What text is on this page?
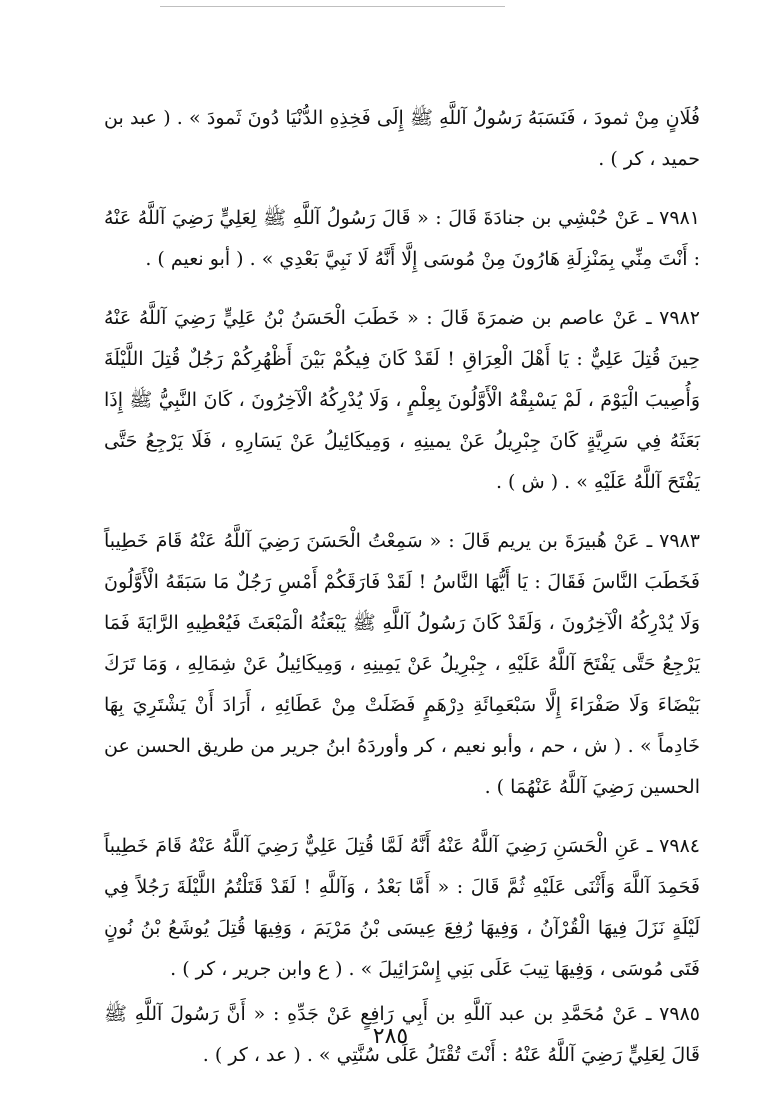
فُلَانٍ مِنْ ثمودَ ، فَنَسَبَهُ رَسُولُ آللَّهِ ﷺ إِلَى فَخِذِهِ الدُّنْيَا دُونَ ثَمودَ » . ( عبد بن حميد ، كر ) .

٧٩٨١ ـ عَنْ حُبْشِي بن جنادَةَ قَالَ : « قَالَ رَسُولُ آللَّهِ ﷺ لِعَلِيٍّ رَضِيَ آللَّهُ عَنْهُ : أَنْتَ مِنِّي بِمَنْزِلَةِ هَارُونَ مِنْ مُوسَى إِلَّا أَنَّهُ لَا نَبِيَّ بَعْدِي » . ( أبو نعيم ) .

٧٩٨٢ ـ عَنْ عاصم بن ضمرَةَ قَالَ : « خَطَبَ الْحَسَنُ بْنُ عَلِيٍّ رَضِيَ آللَّهُ عَنْهُ حِينَ قُتِلَ عَلِيٌّ : يَا أَهْلَ الْعِرَاقِ ! لَقَدْ كَانَ فِيكُمْ بَيْنَ أَظْهُرِكُمْ رَجُلٌ قُتِلَ اللَّيْلَةَ وَأُصِيبَ الْيَوْمَ ، لَمْ يَسْبِقْهُ الْأَوَّلُونَ بِعِلْمٍ ، وَلَا يُدْرِكُهُ الْآخِرُونَ ، كَانَ النَّبِيُّ ﷺ إِذَا بَعَثَهُ فِي سَرِيَّةٍ كَانَ جِبْرِيلُ عَنْ يمينِهِ ، وَمِيكَائِيلُ عَنْ يَسَارِهِ ، فَلَا يَرْجِعُ حَتَّى يَفْتَحَ آللَّهُ عَلَيْهِ » . ( ش ) .

٧٩٨٣ ـ عَنْ هُبيرَةَ بن يريم قَالَ : « سَمِعْتُ الْحَسَنَ رَضِيَ آللَّهُ عَنْهُ قَامَ خَطِيباً فَخَطَبَ النَّاسَ فَقَالَ : يَا أَيُّهَا النَّاسُ ! لَقَدْ فَارَقَكُمْ أَمْسِ رَجُلٌ مَا سَبَقَهُ الْأَوَّلُونَ وَلَا يُدْرِكُهُ الْآخِرُونَ ، وَلَقَدْ كَانَ رَسُولُ آللَّهِ ﷺ يَبْعَثُهُ الْمَبْعَثَ فَيُعْطِيهِ الرَّايَةَ فَمَا يَرْجِعُ حَتَّى يَفْتَحَ آللَّهُ عَلَيْهِ ، جِبْرِيلُ عَنْ يَمِينِهِ ، وَمِيكَائِيلُ عَنْ شِمَالِهِ ، وَمَا تَرَكَ بَيْضَاءَ وَلَا صَفْرَاءَ إِلَّا سَبْعَمِائَةِ دِرْهَمٍ فَضَلَتْ مِنْ عَطَائِهِ ، أَرَادَ أَنْ يَشْتَرِيَ بِهَا خَادِماً » . ( ش ، حم ، وأبو نعيم ، كر وأوردَهُ ابنُ جرير من طريق الحسن عن الحسين رَضِيَ آللَّهُ عَنْهُمَا ) .

٧٩٨٤ ـ عَنِ الْحَسَنِ رَضِيَ آللَّهُ عَنْهُ أَنَّهُ لَمَّا قُتِلَ عَلِيٌّ رَضِيَ آللَّهُ عَنْهُ قَامَ خَطِيباً فَحَمِدَ آللَّهَ وَأَثْنَى عَلَيْهِ ثُمَّ قَالَ : « أَمَّا بَعْدُ ، وَآللَّهِ ! لَقَدْ قَتَلْتُمُ اللَّيْلَةَ رَجُلاً فِي لَيْلَةٍ نَزَلَ فِيهَا الْقُرْآنُ ، وَفِيهَا رُفِعَ عِيسَى بْنُ مَرْيَمَ ، وَفِيهَا قُتِلَ يُوشَعُ بْنُ نُونٍ فَتَى مُوسَى ، وَفِيهَا تِيبَ عَلَى بَنِي إِسْرَائِيلَ » . ( ع وابن جرير ، كر ) .

٧٩٨٥ ـ عَنْ مُحَمَّدِ بن عبد آللَّهِ بن أَبِي رَافِعٍ عَنْ جَدِّهِ : « أَنَّ رَسُولَ آللَّهِ ﷺ قَالَ لِعَلِيٍّ رَضِيَ آللَّهُ عَنْهُ : أَنْتَ تُقْتَلُ عَلَى سُنَّتِي » . ( عد ، كر ) .

٢٨٥
